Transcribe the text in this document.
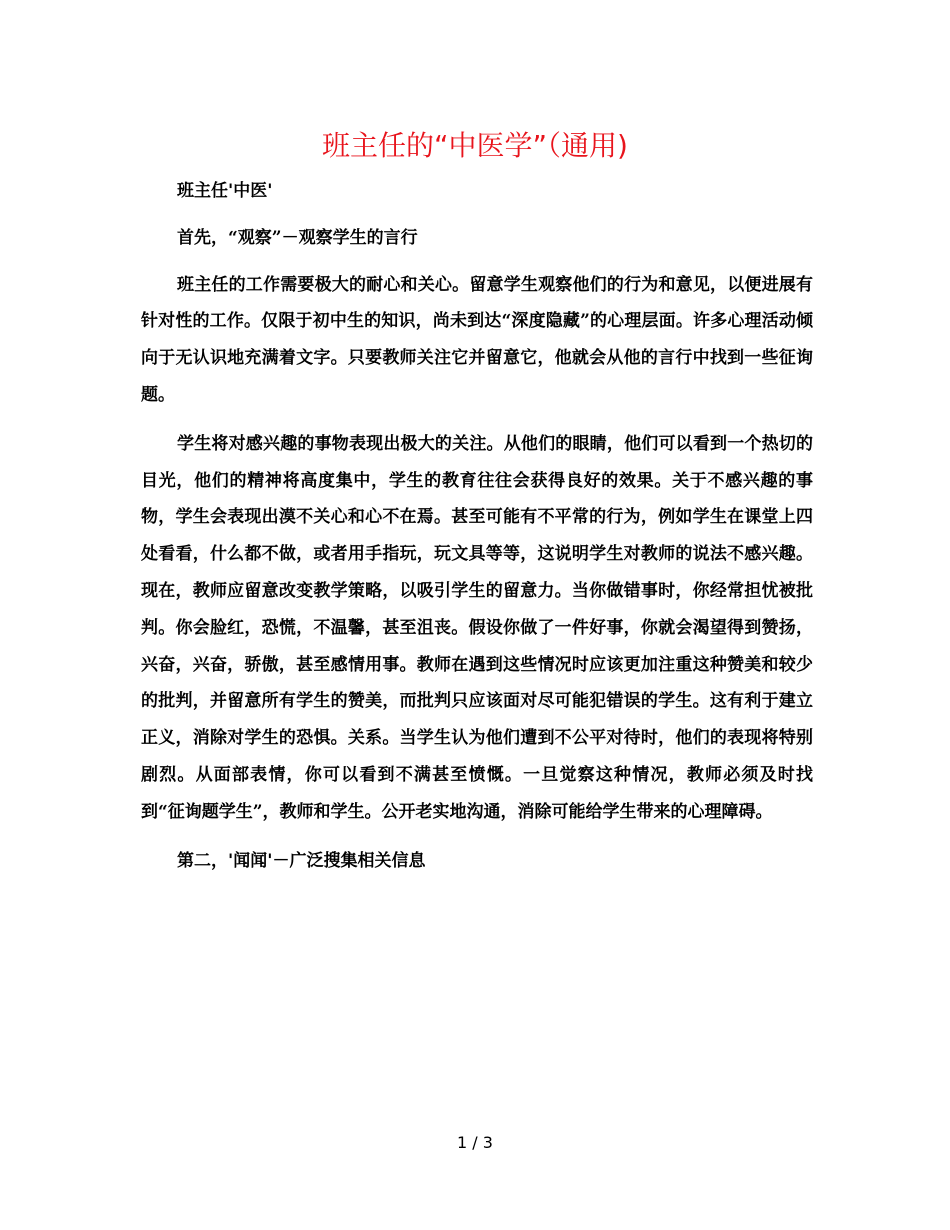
班主任的“中医学”（通用)

班主任'中医'

首先，“观察”－观察学生的言行

班主任的工作需要极大的耐心和关心。留意学生观察他们的行为和意见，以便进展有针对性的工作。仅限于初中生的知识，尚未到达“深度隐藏”的心理层面。许多心理活动倾向于无认识地充满着文字。只要教师关注它并留意它，他就会从他的言行中找到一些征询题。

学生将对感兴趣的事物表现出极大的关注。从他们的眼睛，他们可以看到一个热切的目光，他们的精神将高度集中，学生的教育往往会获得良好的效果。关于不感兴趣的事物，学生会表现出漠不关心和心不在焉。甚至可能有不平常的行为，例如学生在课堂上四处看看，什么都不做，或者用手指玩，玩文具等等，这说明学生对教师的说法不感兴趣。现在，教师应留意改变教学策略，以吸引学生的留意力。当你做错事时，你经常担忧被批判。你会脸红，恐慌，不温馨，甚至沮丧。假设你做了一件好事，你就会渴望得到赞扬，兴奋，兴奋，骄傲，甚至感情用事。教师在遇到这些情况时应该更加注重这种赞美和较少的批判，并留意所有学生的赞美，而批判只应该面对尽可能犯错误的学生。这有利于建立正义，消除对学生的恐惧。关系。当学生认为他们遭到不公平对待时，他们的表现将特别剧烈。从面部表情，你可以看到不满甚至愤慨。一旦觉察这种情况，教师必须及时找到“征询题学生”，教师和学生。公开老实地沟通，消除可能给学生带来的心理障碍。

第二，'闻闻'－广泛搜集相关信息

1 / 3
